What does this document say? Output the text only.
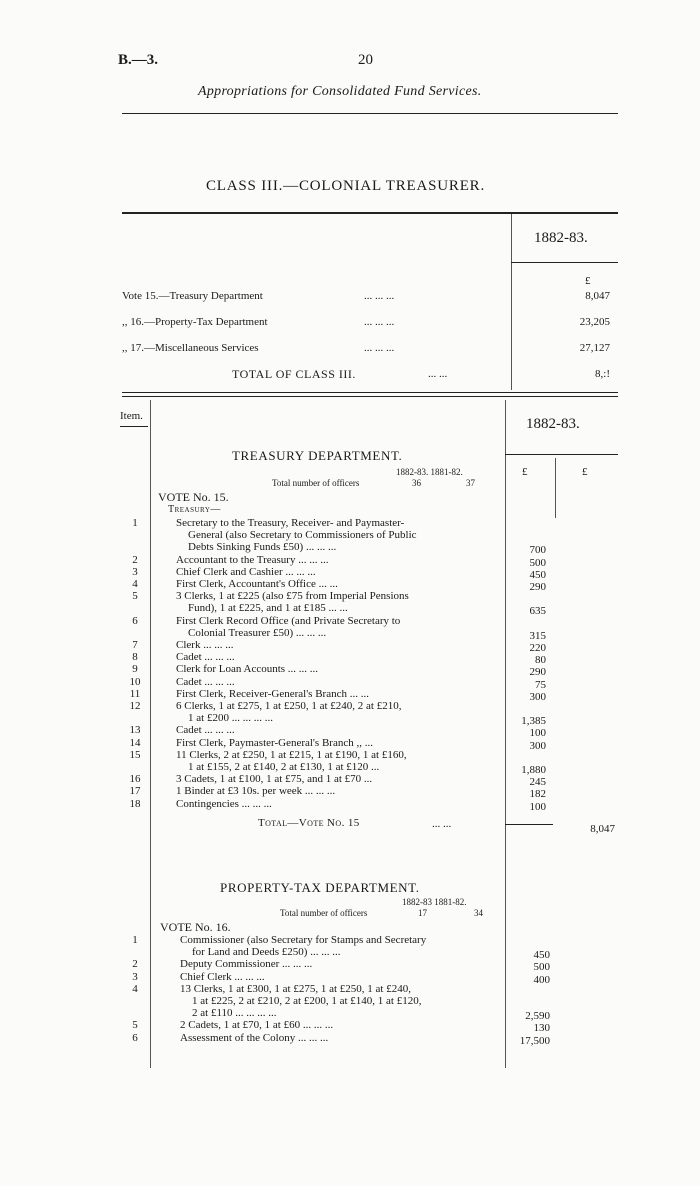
B.—3.	20
Appropriations for Consolidated Fund Services.
CLASS III.—COLONIAL TREASURER.
1882-83.
£
Vote 15.—Treasury Department	... ... ...	8,047
,, 16.—Property-Tax Department	... ... ...	23,205
,, 17.—Miscellaneous Services	... ... ...	27,127
TOTAL OF CLASS III.	... ...	8,:!
Item.	1882-83.
£	£
TREASURY DEPARTMENT.
1882-83. 1881-82.
Total number of officers	36	37
VOTE No. 15.
Treasury—
1	Secretary to the Treasury, Receiver- and Paymaster-
General (also Secretary to Commissioners of Public
Debts Sinking Funds £50) ... ... ...	700
2	Accountant to the Treasury ... ... ...	500
3	Chief Clerk and Cashier ... ... ...	450
4	First Clerk, Accountant's Office ... ...	290
5	3 Clerks, 1 at £225 (also £75 from Imperial Pensions
Fund), 1 at £225, and 1 at £185 ... ...	635
6	First Clerk Record Office (and Private Secretary to
Colonial Treasurer £50) ... ... ...	315
7	Clerk ... ... ...	220
8	Cadet ... ... ...	80
9	Clerk for Loan Accounts ... ... ...	290
10	Cadet ... ... ...	75
11	First Clerk, Receiver-General's Branch ... ...	300
12	6 Clerks, 1 at £275, 1 at £250, 1 at £240, 2 at £210,
1 at £200 ... ... ... ...	1,385
13	Cadet ... ... ...	100
14	First Clerk, Paymaster-General's Branch ,, ...	300
15	11 Clerks, 2 at £250, 1 at £215, 1 at £190, 1 at £160,
1 at £155, 2 at £140, 2 at £130, 1 at £120 ...	1,880
16	3 Cadets, 1 at £100, 1 at £75, and 1 at £70 ...	245
17	1 Binder at £3 10s. per week ... ... ...	182
18	Contingencies ... ... ...	100
Total—Vote No. 15	... ...	8,047
PROPERTY-TAX DEPARTMENT.
1882-83 1881-82.
Total number of officers	17	34
VOTE No. 16.
1	Commissioner (also Secretary for Stamps and Secretary
for Land and Deeds £250) ... ... ...	450
2	Deputy Commissioner ... ... ...	500
3	Chief Clerk ... ... ...	400
4	13 Clerks, 1 at £300, 1 at £275, 1 at £250, 1 at £240,
1 at £225, 2 at £210, 2 at £200, 1 at £140, 1 at £120,
2 at £110 ... ... ... ...	2,590
5	2 Cadets, 1 at £70, 1 at £60 ... ... ...	130
6	Assessment of the Colony ... ... ...	17,500
